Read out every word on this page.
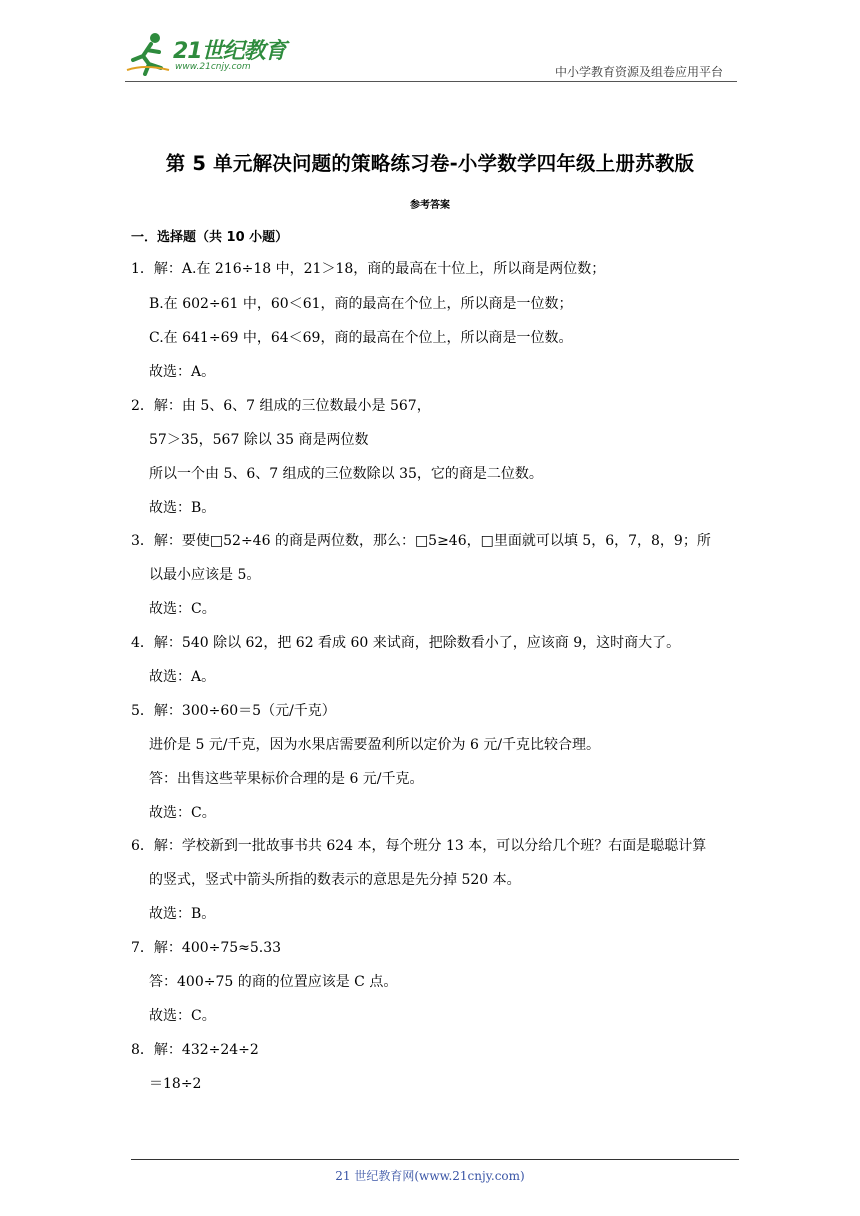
21世纪教育
www.21cnjy.com	中小学教育资源及组卷应用平台
第 5 单元解决问题的策略练习卷-小学数学四年级上册苏教版
参考答案
一．选择题（共 10 小题）
1．解：A.在 216÷18 中，21＞18，商的最高在十位上，所以商是两位数；
B.在 602÷61 中，60＜61，商的最高在个位上，所以商是一位数；
C.在 641÷69 中，64＜69，商的最高在个位上，所以商是一位数。
故选：A。
2．解：由 5、6、7 组成的三位数最小是 567，
57＞35，567 除以 35 商是两位数
所以一个由 5、6、7 组成的三位数除以 35，它的商是二位数。
故选：B。
3．解：要使□52÷46 的商是两位数，那么：□5≥46，□里面就可以填 5，6，7，8，9；所
以最小应该是 5。
故选：C。
4．解：540 除以 62，把 62 看成 60 来试商，把除数看小了，应该商 9，这时商大了。
故选：A。
5．解：300÷60＝5（元/千克）
进价是 5 元/千克，因为水果店需要盈利所以定价为 6 元/千克比较合理。
答：出售这些苹果标价合理的是 6 元/千克。
故选：C。
6．解：学校新到一批故事书共 624 本，每个班分 13 本，可以分给几个班？右面是聪聪计算
的竖式，竖式中箭头所指的数表示的意思是先分掉 520 本。
故选：B。
7．解：400÷75≈5.33
答：400÷75 的商的位置应该是 C 点。
故选：C。
8．解：432÷24÷2
＝18÷2
21 世纪教育网(www.21cnjy.com)
